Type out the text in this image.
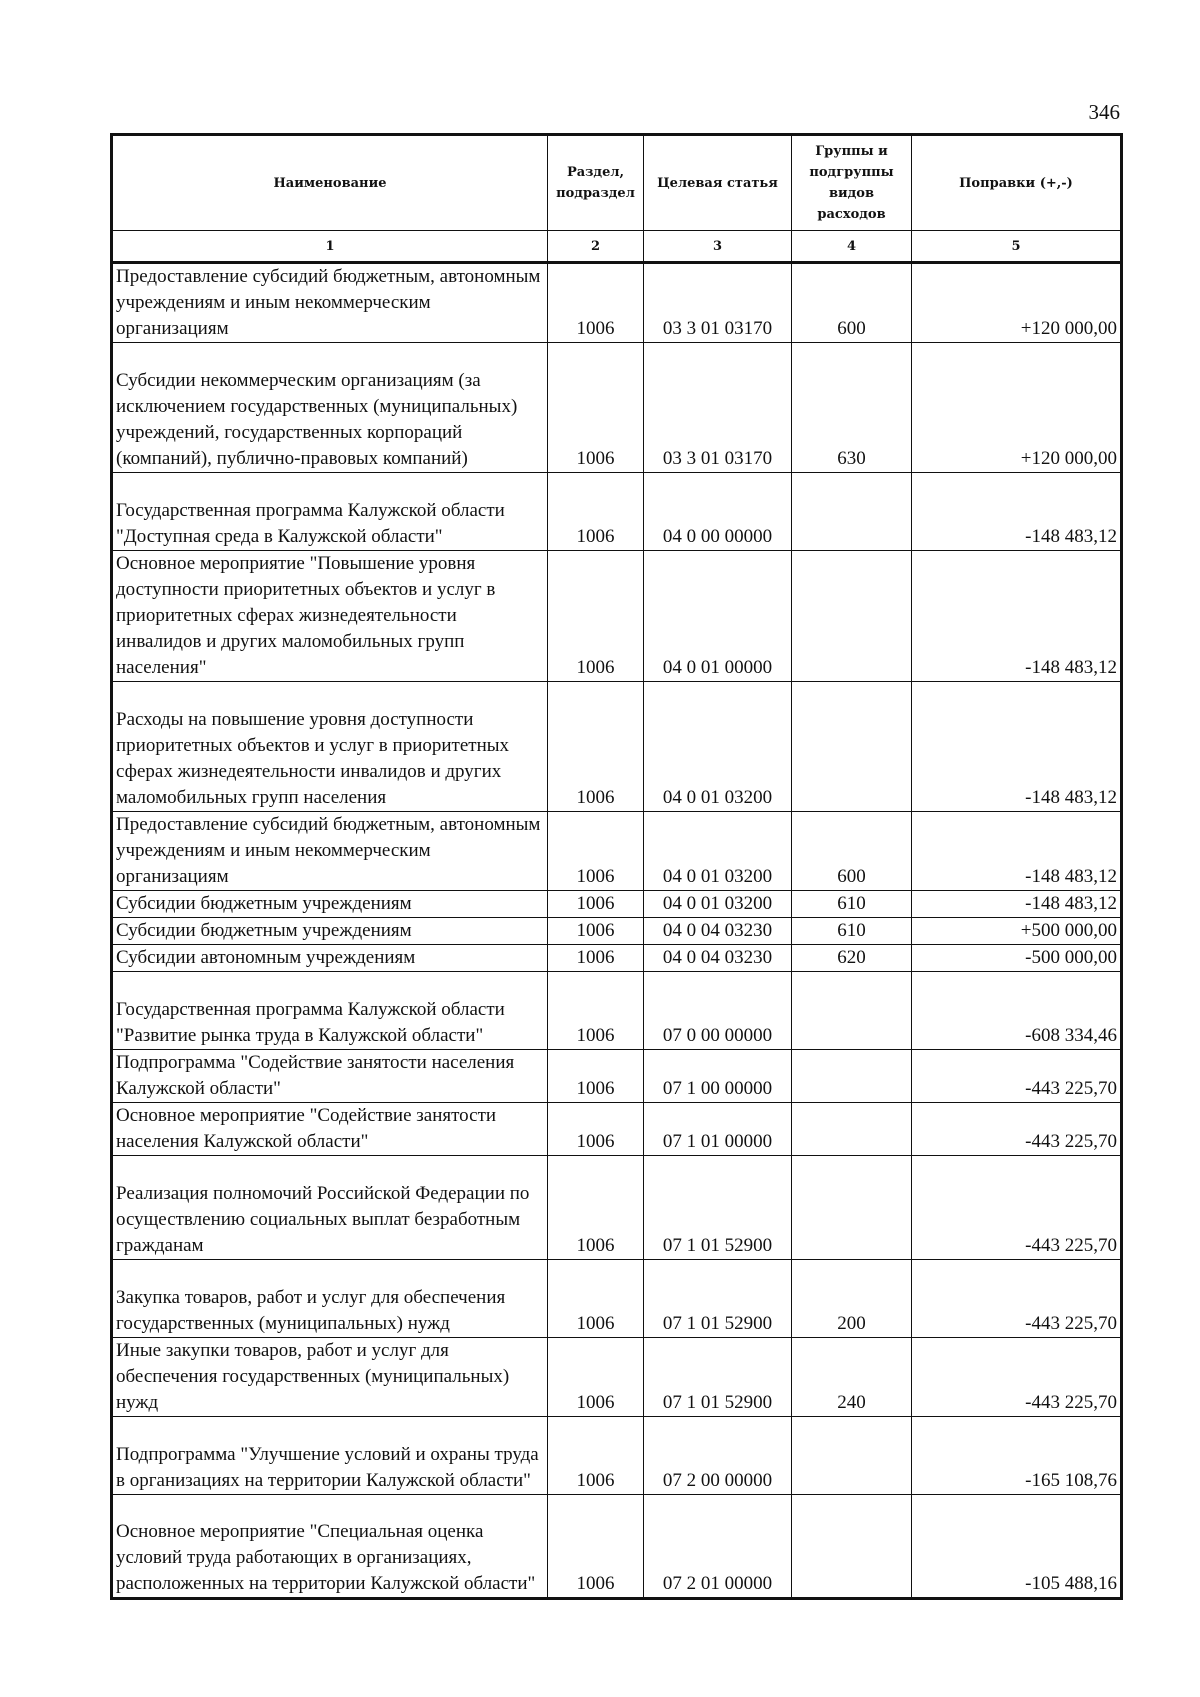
346
Наименование	Раздел, подраздел	Целевая статья	Группы и подгруппы видов расходов	Поправки (+,-)
1	2	3	4	5
Предоставление субсидий бюджетным, автономным учреждениям и иным некоммерческим организациям	1006	03 3 01 03170	600	+120 000,00
Субсидии некоммерческим организациям (за исключением государственных (муниципальных) учреждений, государственных корпораций (компаний), публично-правовых компаний)	1006	03 3 01 03170	630	+120 000,00
Государственная программа Калужской области "Доступная среда в Калужской области"	1006	04 0 00 00000		-148 483,12
Основное мероприятие "Повышение уровня доступности приоритетных объектов и услуг в приоритетных сферах жизнедеятельности инвалидов и других маломобильных групп населения"	1006	04 0 01 00000		-148 483,12
Расходы на повышение уровня доступности приоритетных объектов и услуг в приоритетных сферах жизнедеятельности инвалидов и других маломобильных групп населения	1006	04 0 01 03200		-148 483,12
Предоставление субсидий бюджетным, автономным учреждениям и иным некоммерческим организациям	1006	04 0 01 03200	600	-148 483,12
Субсидии бюджетным учреждениям	1006	04 0 01 03200	610	-148 483,12
Субсидии бюджетным учреждениям	1006	04 0 04 03230	610	+500 000,00
Субсидии автономным учреждениям	1006	04 0 04 03230	620	-500 000,00
Государственная программа Калужской области "Развитие рынка труда в Калужской области"	1006	07 0 00 00000		-608 334,46
Подпрограмма "Содействие занятости населения Калужской области"	1006	07 1 00 00000		-443 225,70
Основное мероприятие "Содействие занятости населения Калужской области"	1006	07 1 01 00000		-443 225,70
Реализация полномочий Российской Федерации по осуществлению социальных выплат безработным гражданам	1006	07 1 01 52900		-443 225,70
Закупка товаров, работ и услуг для обеспечения государственных (муниципальных) нужд	1006	07 1 01 52900	200	-443 225,70
Иные закупки товаров, работ и услуг для обеспечения государственных (муниципальных) нужд	1006	07 1 01 52900	240	-443 225,70
Подпрограмма "Улучшение условий и охраны труда в организациях на территории Калужской области"	1006	07 2 00 00000		-165 108,76
Основное мероприятие "Специальная оценка условий труда работающих в организациях, расположенных на территории Калужской области"	1006	07 2 01 00000		-105 488,16
